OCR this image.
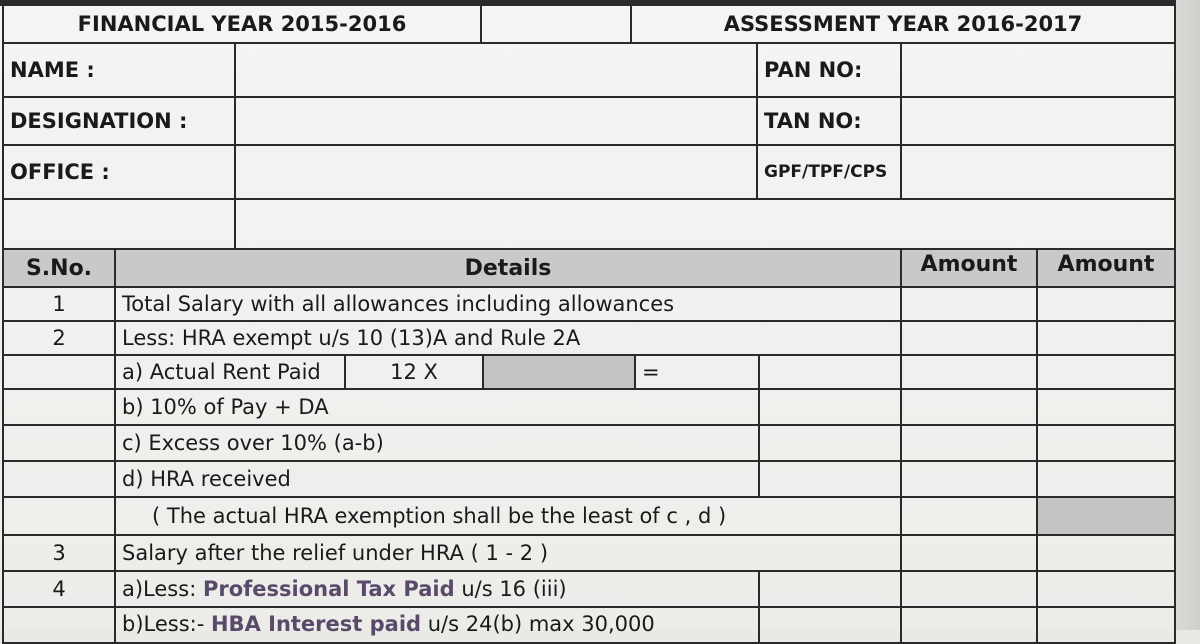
FINANCIAL YEAR 2015-2016	ASSESSMENT YEAR 2016-2017
NAME :	PAN NO:
DESIGNATION :	TAN NO:
OFFICE :	GPF/TPF/CPS
S.No.	Details	Amount Amount
1	Total Salary with all allowances including allowances
2	Less: HRA exempt u/s 10 (13)A and Rule 2A
a) Actual Rent Paid	12 X	=
b) 10% of Pay + DA
c) Excess over 10% (a-b)
d) HRA received
( The actual HRA exemption shall be the least of c , d )
3	Salary after the relief under HRA ( 1 - 2 )
4	a)Less: Professional Tax Paid u/s 16 (iii)
b)Less:- HBA Interest paid u/s 24(b) max 30,000
